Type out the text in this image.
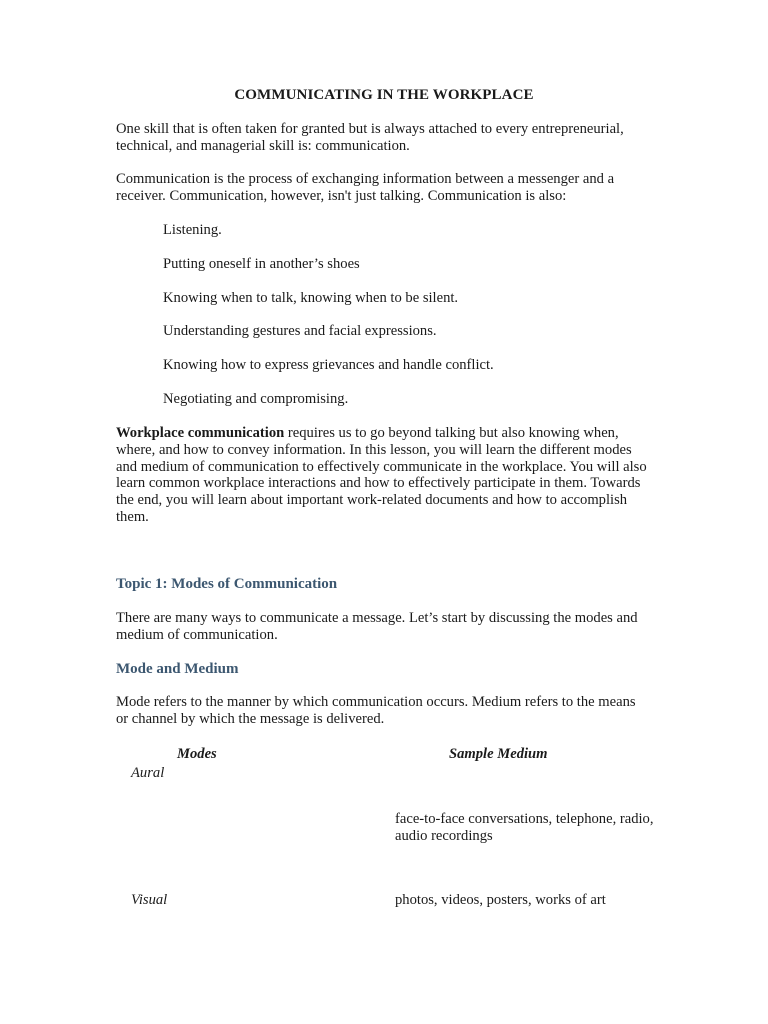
COMMUNICATING IN THE WORKPLACE

One skill that is often taken for granted but is always attached to every entrepreneurial, technical, and managerial skill is: communication.

Communication is the process of exchanging information between a messenger and a receiver. Communication, however, isn't just talking. Communication is also:

Listening.
Putting oneself in another’s shoes
Knowing when to talk, knowing when to be silent.
Understanding gestures and facial expressions.
Knowing how to express grievances and handle conflict.
Negotiating and compromising.

Workplace communication requires us to go beyond talking but also knowing when, where, and how to convey information. In this lesson, you will learn the different modes and medium of communication to effectively communicate in the workplace. You will also learn common workplace interactions and how to effectively participate in them. Towards the end, you will learn about important work-related documents and how to accomplish them.

Topic 1: Modes of Communication

There are many ways to communicate a message. Let’s start by discussing the modes and medium of communication.

Mode and Medium

Mode refers to the manner by which communication occurs. Medium refers to the means or channel by which the message is delivered.

Modes	Sample Medium
Aural
face-to-face conversations, telephone, radio, audio recordings
Visual	photos, videos, posters, works of art
